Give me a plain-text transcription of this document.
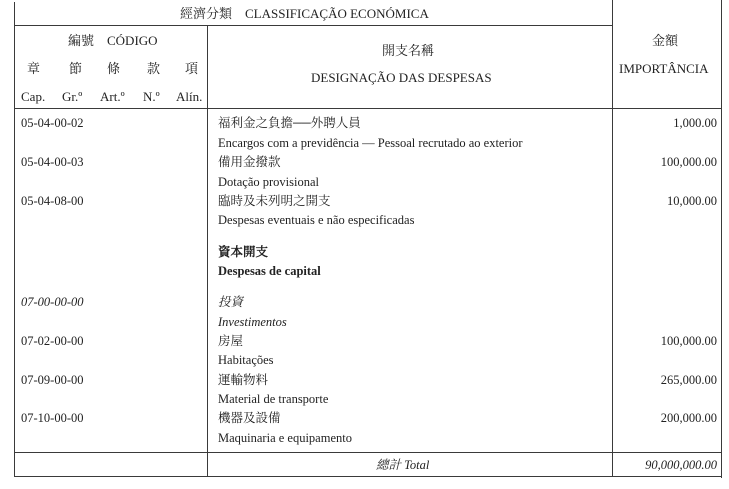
經濟分類　CLASSIFICAÇÃO ECONÓMICA
編號　CÓDIGO
章 節 條 款 項
Cap. Gr.º Art.º N.º Alín.
開支名稱
DESIGNAÇÃO DAS DESPESAS
金額
IMPORTÂNCIA
05-04-00-02	福利金之負擔──外聘人員
Encargos com a previdência — Pessoal recrutado ao exterior
1,000.00
05-04-00-03	備用金撥款
Dotação provisional
100,000.00
05-04-08-00	臨時及未列明之開支
Despesas eventuais e não especificadas
10,000.00
資本開支
Despesas de capital
07-00-00-00	投資
Investimentos
07-02-00-00	房屋
Habitações
100,000.00
07-09-00-00	運輸物料
Material de transporte
265,000.00
07-10-00-00	機器及設備
Maquinaria e equipamento
200,000.00
總計 Total	90,000,000.00
